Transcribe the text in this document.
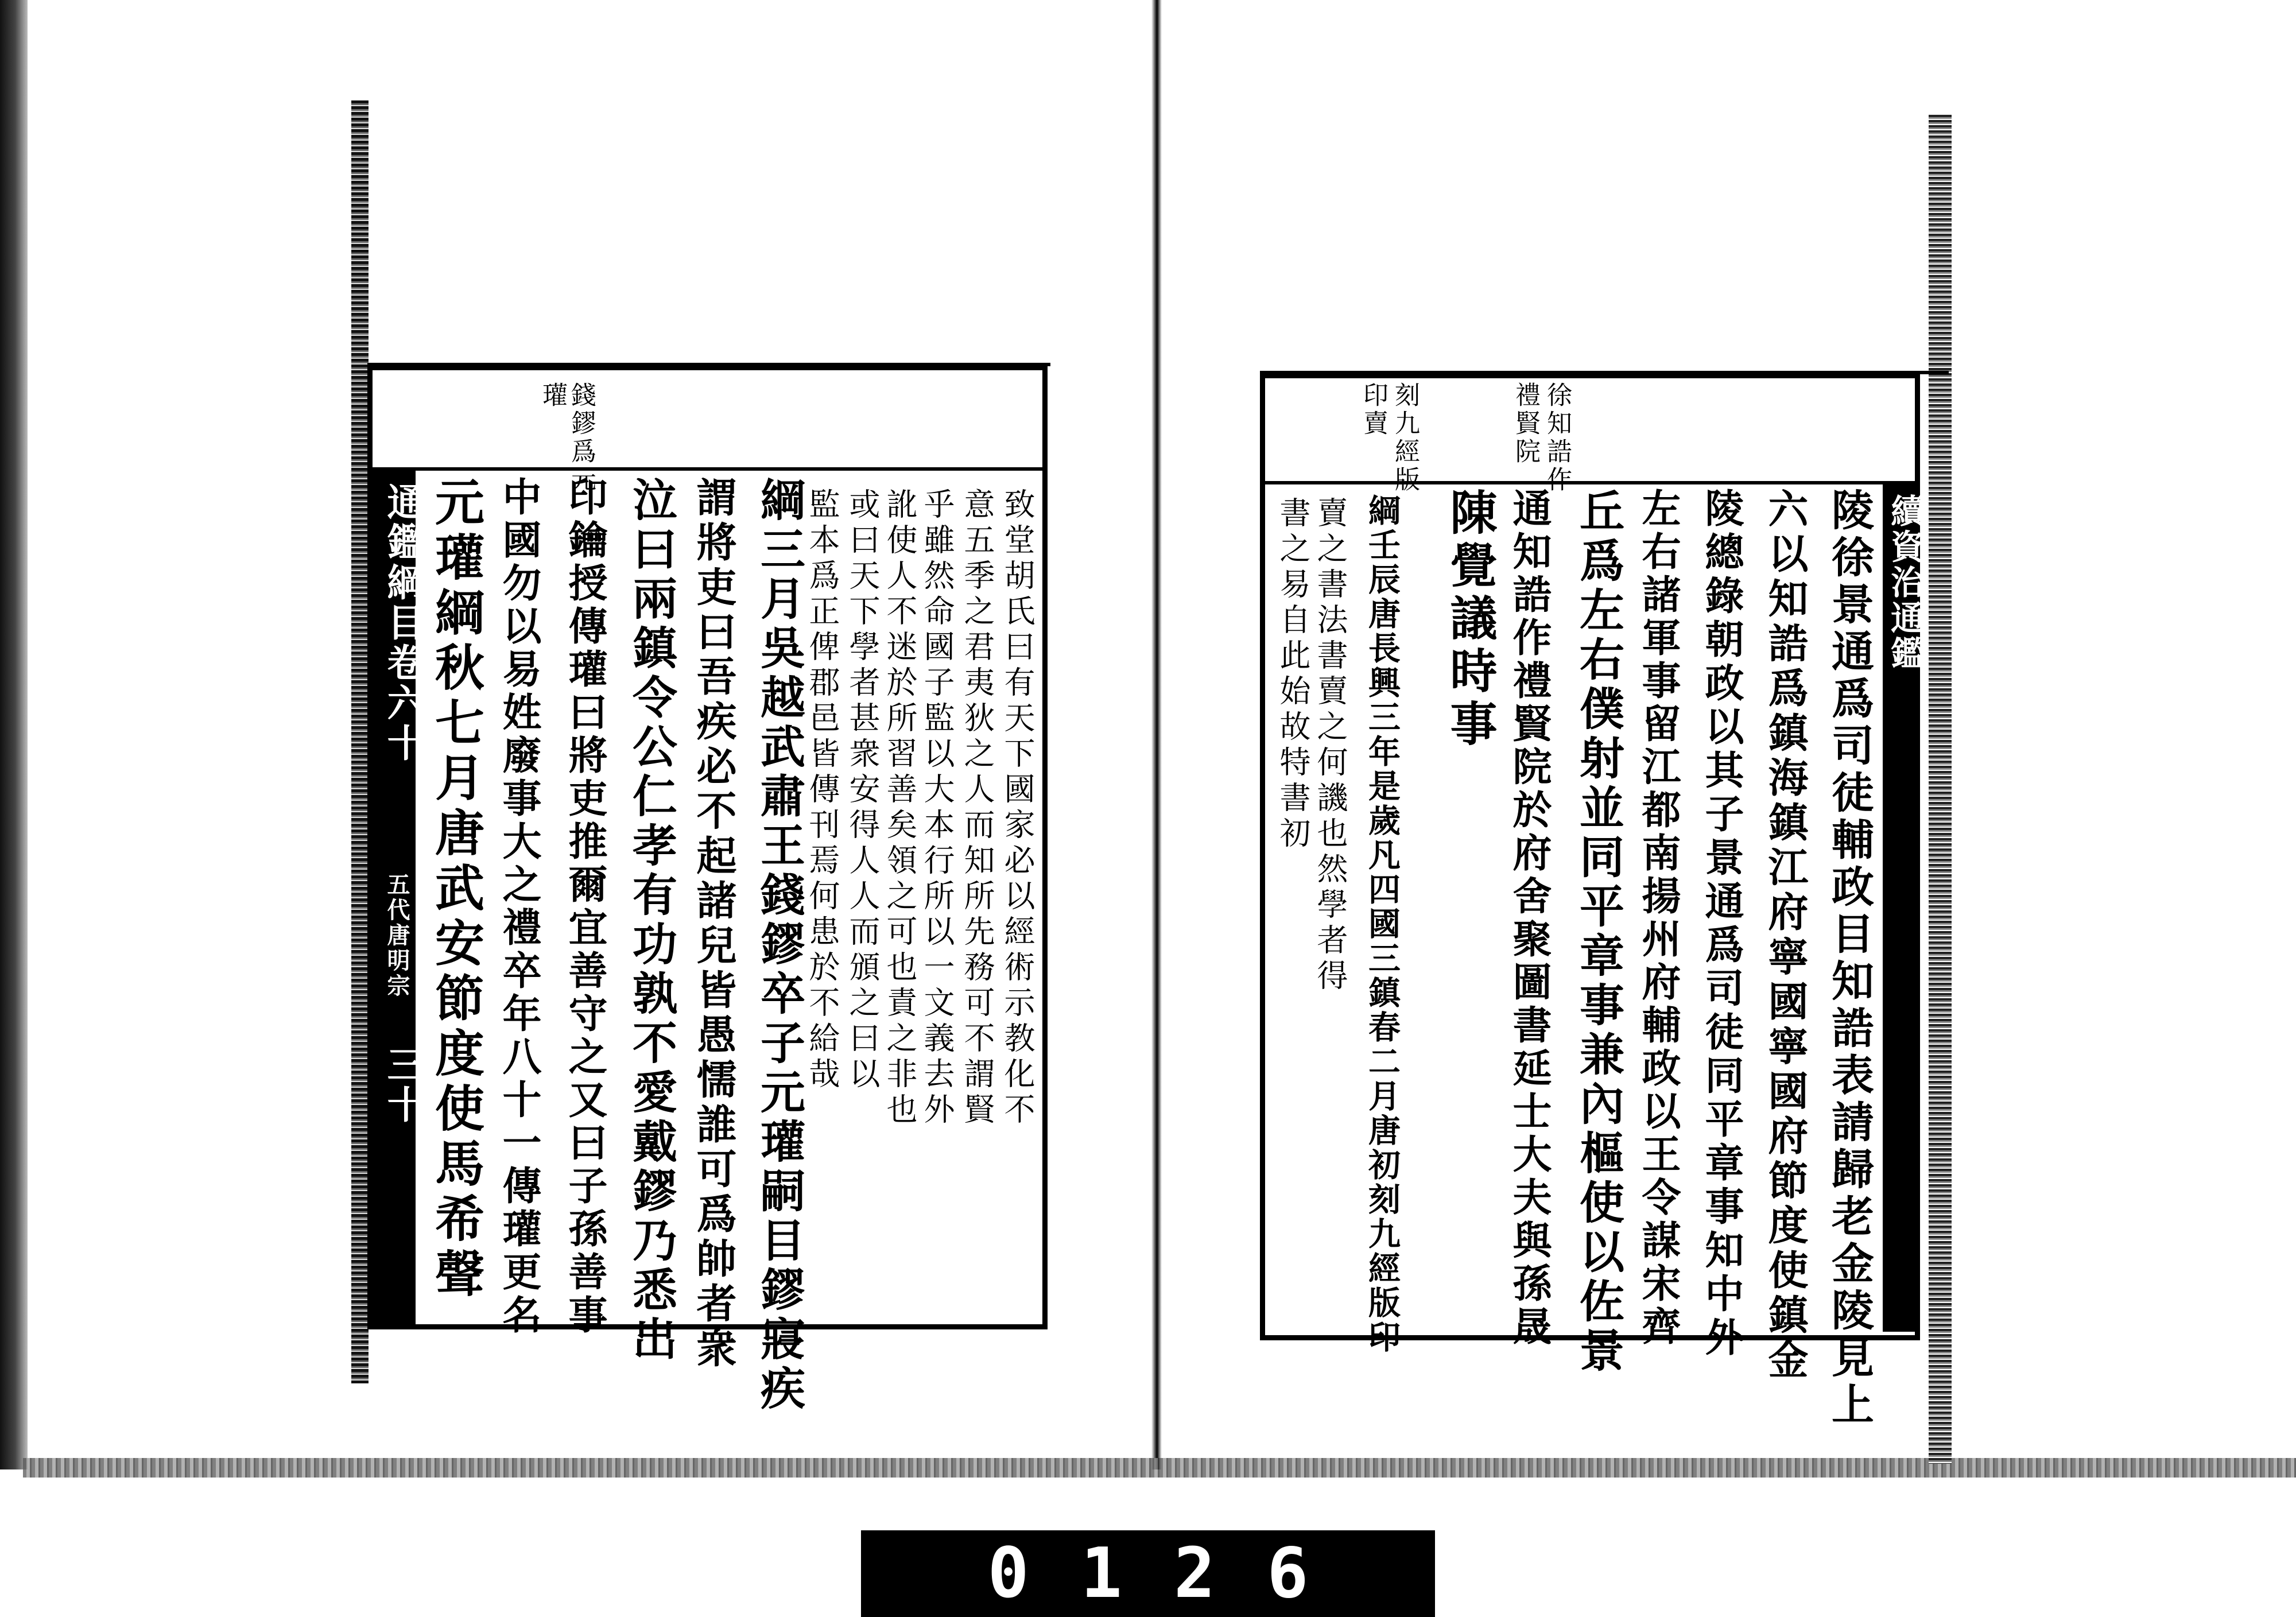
錢鏐爲元
瓘
通鑑綱目卷六十
五代唐明宗
三十	致堂胡氏曰有天下國家必以經術示教化不
意五季之君夷狄之人而知所先務可不謂賢
乎雖然命國子監以大本行所以一文義去外
訛使人不迷於所習善矣領之可也責之非也
或曰天下學者甚衆安得人人而頒之曰以
監本爲正俾郡邑皆傳刊焉何患於不給哉
綱三月吳越武肅王錢鏐卒子元瓘嗣目鏐寢疾
謂將吏曰吾疾必不起諸兒皆愚懦誰可爲帥者衆
泣曰兩鎮令公仁孝有功孰不愛戴鏐乃悉出
印鑰授傳瓘曰將吏推爾宜善守之又曰子孫善事
中國勿以易姓廢事大之禮卒年八十一傳瓘更名
元瓘綱秋七月唐武安節度使馬希聲
徐知誥作
禮賢院
刻九經版
印賣
續資治通鑑
陵徐景通爲司徒輔政目知誥表請歸老金陵見上
六以知誥爲鎮海鎮江府寧國寧國府節度使鎮金
陵總錄朝政以其子景通爲司徒同平章事知中外
左右諸軍事留江都南揚州府輔政以王令謀宋齊
丘爲左右僕射並同平章事兼內樞使以佐景
通知誥作禮賢院於府舍聚圖書延士大夫與孫晟
陳覺議時事
綱壬辰唐長興三年是歲凡四國三鎮春二月唐初刻九經版印
賣之書法書賣之何譏也然學者得
書之易自此始故特書初
0126
